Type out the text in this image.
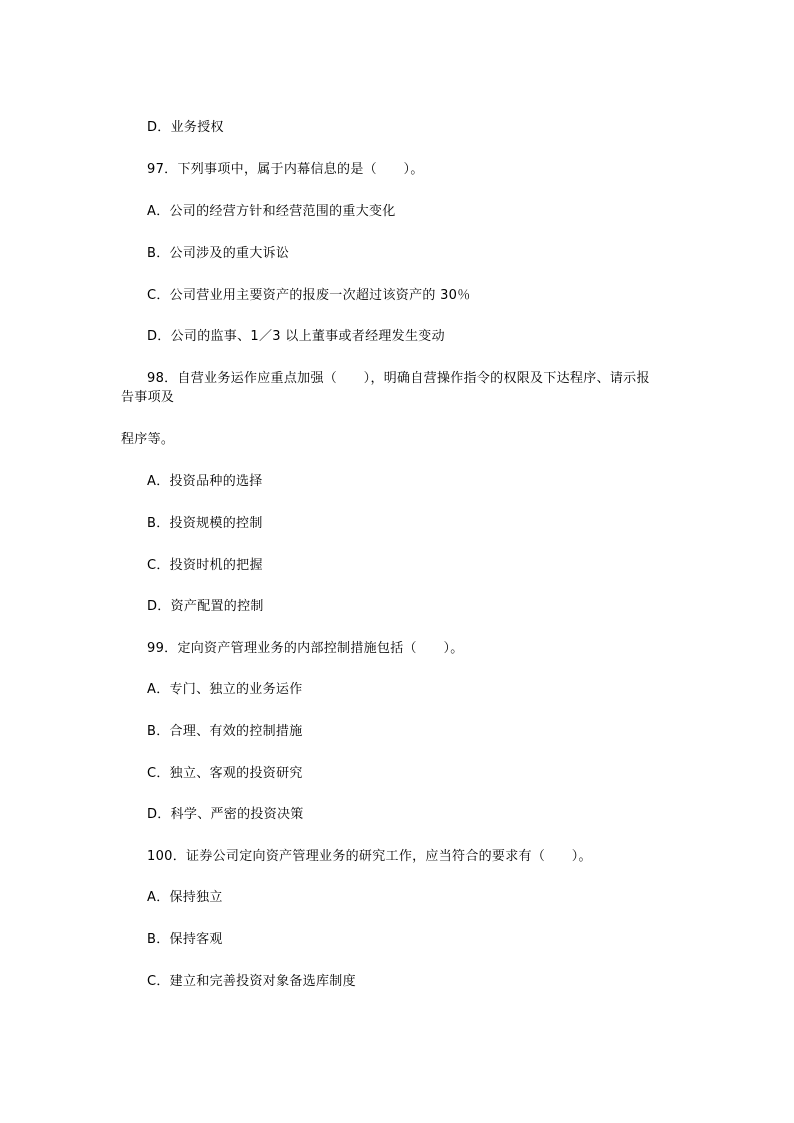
D．业务授权
97．下列事项中，属于内幕信息的是（　　）。
A．公司的经营方针和经营范围的重大变化
B．公司涉及的重大诉讼
C．公司营业用主要资产的报废一次超过该资产的 30％
D．公司的监事、1／3 以上董事或者经理发生变动
98．自营业务运作应重点加强（　　），明确自营操作指令的权限及下达程序、请示报
告事项及
程序等。
A．投资品种的选择
B．投资规模的控制
C．投资时机的把握
D．资产配置的控制
99．定向资产管理业务的内部控制措施包括（　　）。
A．专门、独立的业务运作
B．合理、有效的控制措施
C．独立、客观的投资研究
D．科学、严密的投资决策
100．证券公司定向资产管理业务的研究工作，应当符合的要求有（　　）。
A．保持独立
B．保持客观
C．建立和完善投资对象备选库制度
